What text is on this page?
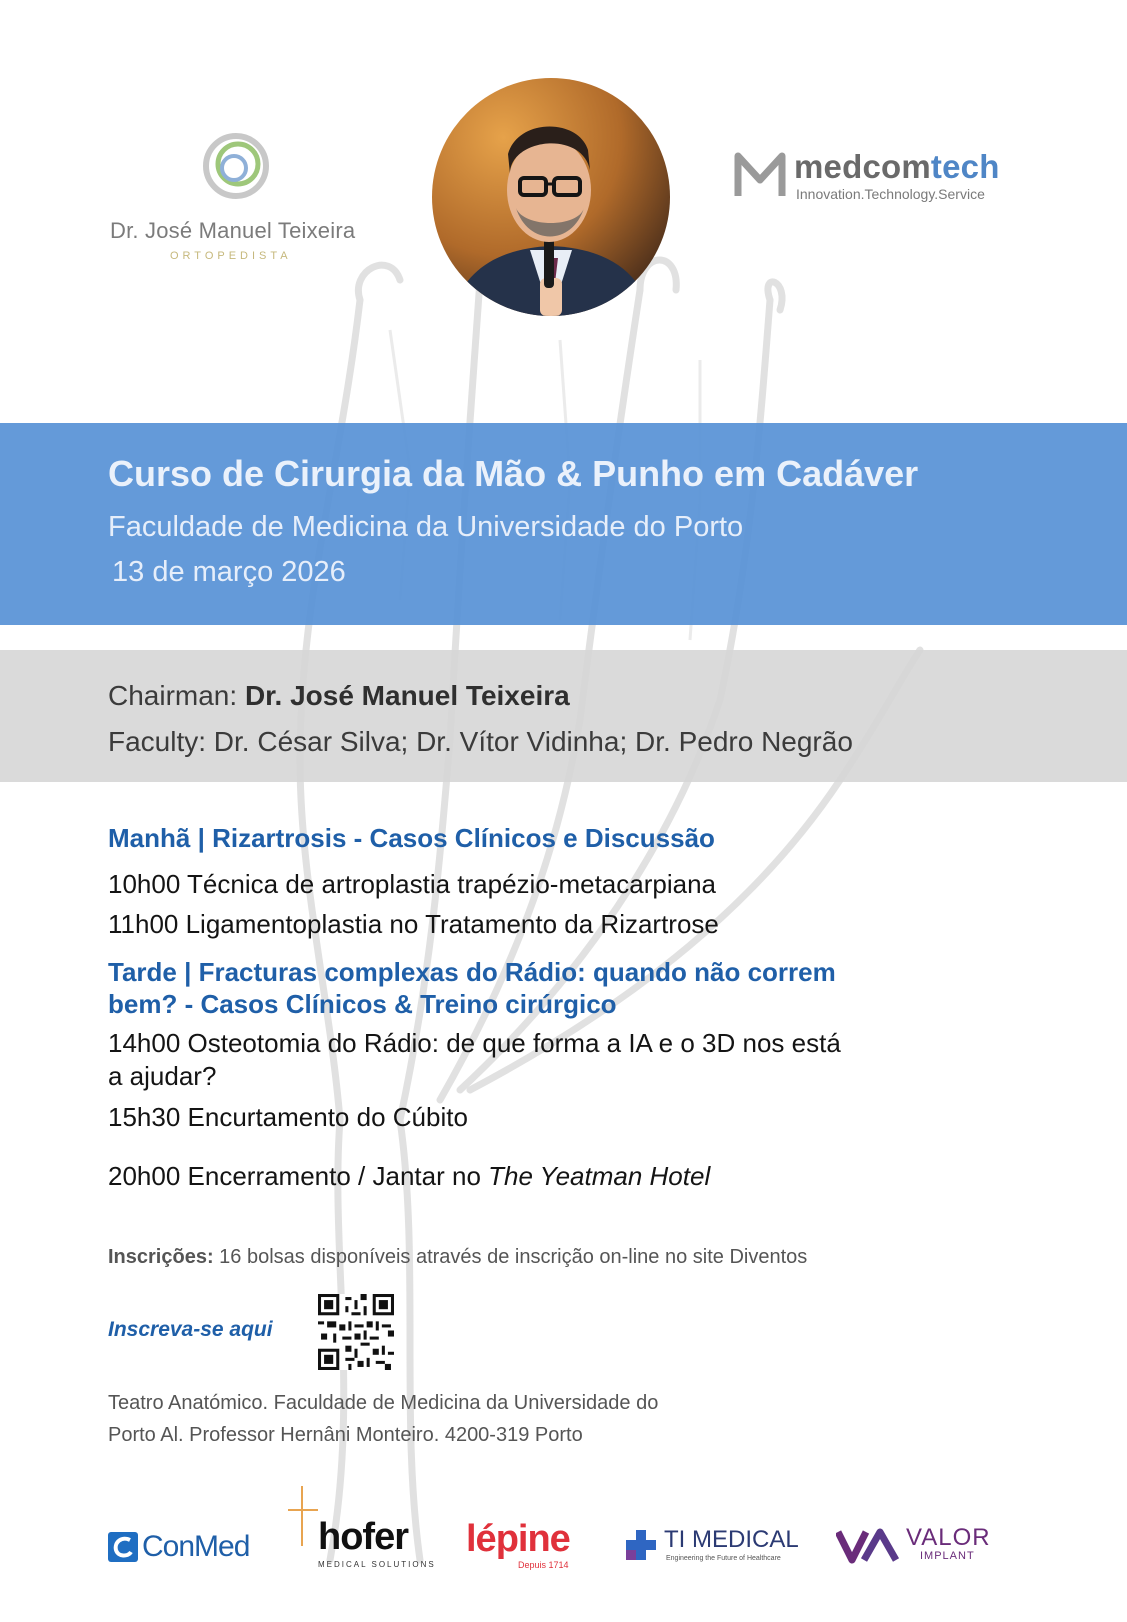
Dr. José Manuel Teixeira
ORTOPEDISTA
medcomtech
Innovation.Technology.Service
Curso de Cirurgia da Mão & Punho em Cadáver
Faculdade de Medicina da Universidade do Porto
13 de março 2026
Chairman: Dr. José Manuel Teixeira
Faculty: Dr. César Silva; Dr. Vítor Vidinha; Dr. Pedro Negrão
Manhã | Rizartrosis - Casos Clínicos e Discussão
10h00 Técnica de artroplastia trapézio-metacarpiana
11h00 Ligamentoplastia no Tratamento da Rizartrose
Tarde | Fracturas complexas do Rádio: quando não correm
bem? - Casos Clínicos & Treino cirúrgico
14h00 Osteotomia do Rádio: de que forma a IA e o 3D nos está
a ajudar?
15h30 Encurtamento do Cúbito
20h00 Encerramento / Jantar no The Yeatman Hotel
Inscrições: 16 bolsas disponíveis através de inscrição on-line no site Diventos
Inscreva-se aqui
Teatro Anatómico. Faculdade de Medicina da Universidade do
Porto Al. Professor Hernâni Monteiro. 4200-319 Porto
ConMed hofer
MEDICAL SOLUTIONS
lépine
Depuis 1714
TI MEDICAL
Engineering the Future of Healthcare
VALOR
IMPLANT
